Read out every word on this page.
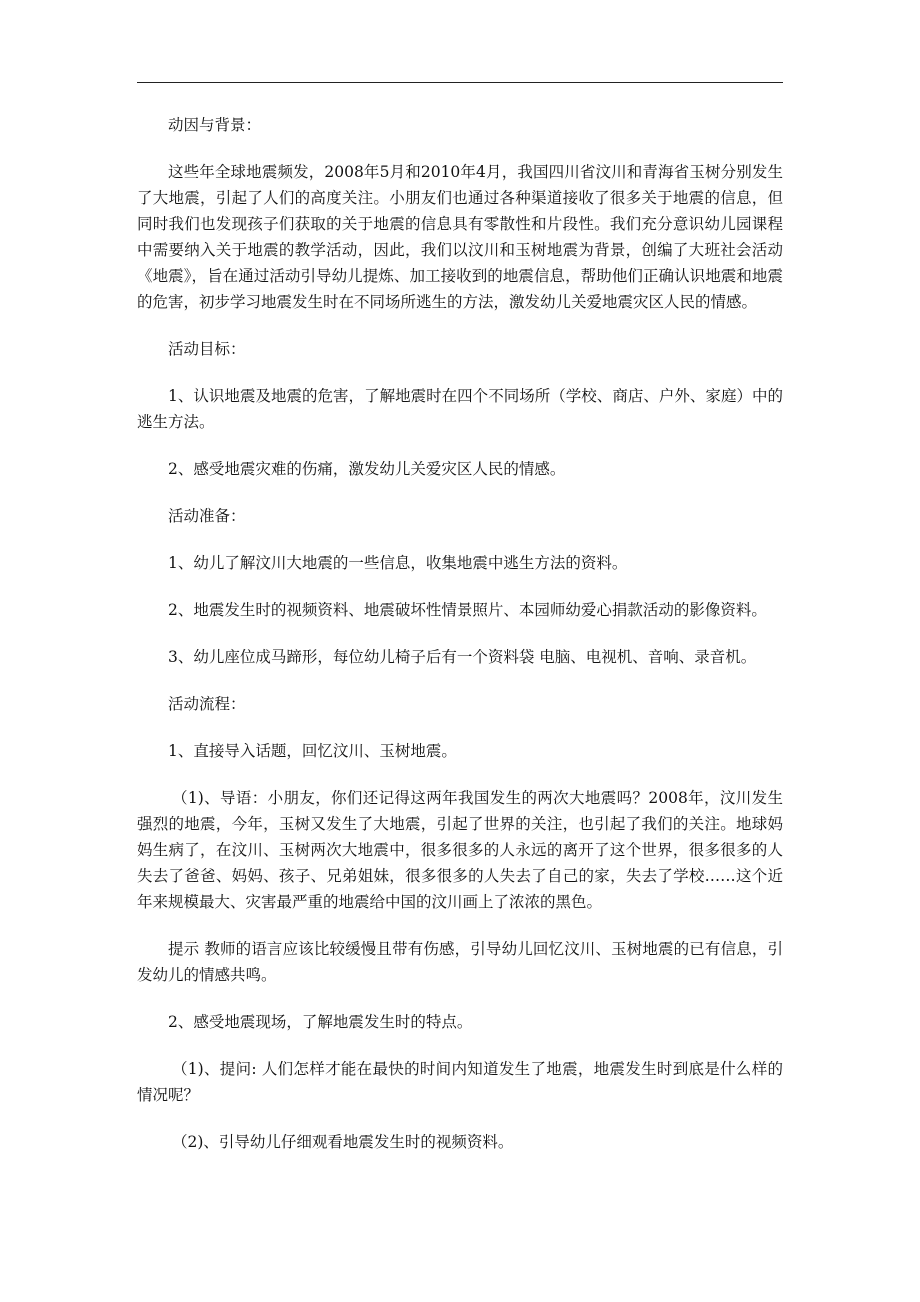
动因与背景：

这些年全球地震频发，2008年5月和2010年4月，我国四川省汶川和青海省玉树分别发生了大地震，引起了人们的高度关注。小朋友们也通过各种渠道接收了很多关于地震的信息，但同时我们也发现孩子们获取的关于地震的信息具有零散性和片段性。我们充分意识幼儿园课程中需要纳入关于地震的教学活动，因此，我们以汶川和玉树地震为背景，创编了大班社会活动《地震》，旨在通过活动引导幼儿提炼、加工接收到的地震信息，帮助他们正确认识地震和地震的危害，初步学习地震发生时在不同场所逃生的方法，激发幼儿关爱地震灾区人民的情感。

活动目标：

1、认识地震及地震的危害，了解地震时在四个不同场所（学校、商店、户外、家庭）中的逃生方法。

2、感受地震灾难的伤痛，激发幼儿关爱灾区人民的情感。

活动准备：

1、幼儿了解汶川大地震的一些信息，收集地震中逃生方法的资料。

2、地震发生时的视频资料、地震破坏性情景照片、本园师幼爱心捐款活动的影像资料。

3、幼儿座位成马蹄形，每位幼儿椅子后有一个资料袋 电脑、电视机、音响、录音机。

活动流程：

1、直接导入话题，回忆汶川、玉树地震。

（1)、导语：小朋友，你们还记得这两年我国发生的两次大地震吗？2008年，汶川发生强烈的地震，今年，玉树又发生了大地震，引起了世界的关注，也引起了我们的关注。地球妈妈生病了，在汶川、玉树两次大地震中，很多很多的人永远的离开了这个世界，很多很多的人失去了爸爸、妈妈、孩子、兄弟姐妹，很多很多的人失去了自己的家，失去了学校……这个近年来规模最大、灾害最严重的地震给中国的汶川画上了浓浓的黑色。

提示 教师的语言应该比较缓慢且带有伤感，引导幼儿回忆汶川、玉树地震的已有信息，引发幼儿的情感共鸣。

2、感受地震现场，了解地震发生时的特点。

（1)、提问: 人们怎样才能在最快的时间内知道发生了地震，地震发生时到底是什么样的情况呢？

（2)、引导幼儿仔细观看地震发生时的视频资料。
